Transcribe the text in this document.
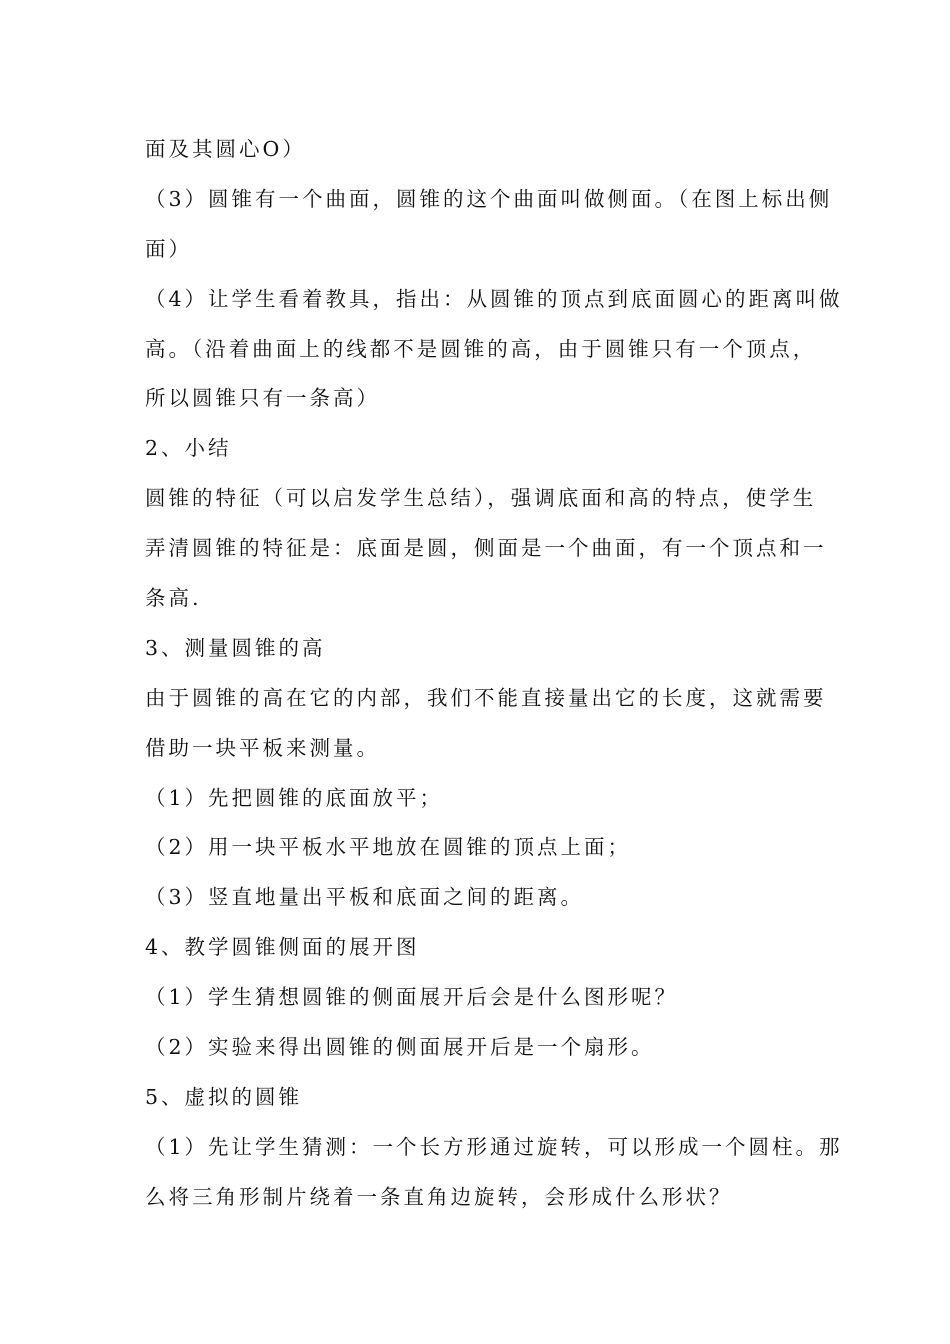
面及其圆心O）
（3）圆锥有一个曲面，圆锥的这个曲面叫做侧面。（在图上标出侧
面）
（4）让学生看着教具，指出：从圆锥的顶点到底面圆心的距离叫做
高。（沿着曲面上的线都不是圆锥的高，由于圆锥只有一个顶点，
所以圆锥只有一条高）
2、小结
圆锥的特征（可以启发学生总结），强调底面和高的特点，使学生
弄清圆锥的特征是：底面是圆，侧面是一个曲面，有一个顶点和一
条高.
3、测量圆锥的高
由于圆锥的高在它的内部，我们不能直接量出它的长度，这就需要
借助一块平板来测量。
（1）先把圆锥的底面放平；
（2）用一块平板水平地放在圆锥的顶点上面；
（3）竖直地量出平板和底面之间的距离。
4、教学圆锥侧面的展开图
（1）学生猜想圆锥的侧面展开后会是什么图形呢？
（2）实验来得出圆锥的侧面展开后是一个扇形。
5、虚拟的圆锥
（1）先让学生猜测：一个长方形通过旋转，可以形成一个圆柱。那
么将三角形制片绕着一条直角边旋转，会形成什么形状？
